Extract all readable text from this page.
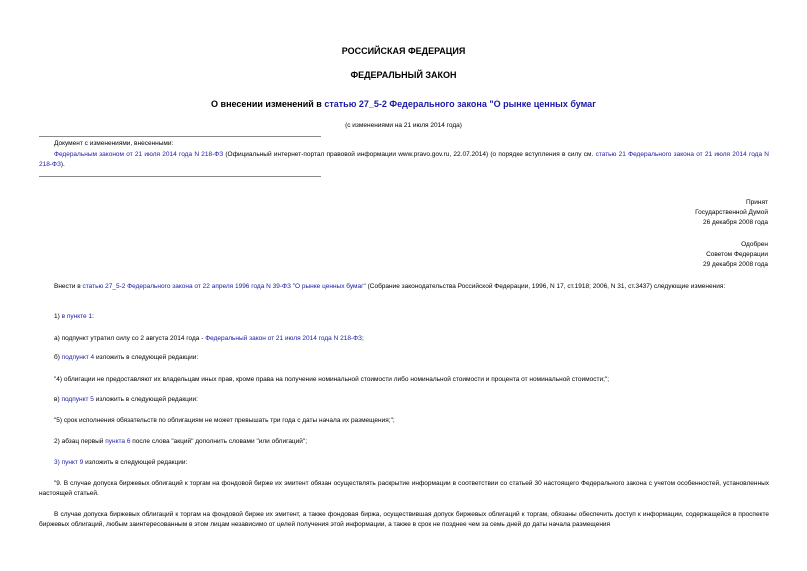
РОССИЙСКАЯ ФЕДЕРАЦИЯ
ФЕДЕРАЛЬНЫЙ ЗАКОН
О внесении изменений в статью 27_5-2 Федерального закона "О рынке ценных бумаг
(с изменениями на 21 июля 2014 года)
Документ с изменениями, внесенными:
Федеральным законом от 21 июля 2014 года N 218-ФЗ (Официальный интернет-портал правовой информации www.pravo.gov.ru, 22.07.2014) (о порядке вступления в силу см. статью 21 Федерального закона от 21 июля 2014 года N 218-ФЗ).
Принят
Государственной Думой
26 декабря 2008 года
Одобрен
Советом Федерации
29 декабря 2008 года
Внести в статью 27_5-2 Федерального закона от 22 апреля 1996 года N 39-ФЗ "О рынке ценных бумаг" (Собрание законодательства Российской Федерации, 1996, N 17, ст.1918; 2006, N 31, ст.3437) следующие изменения:
1) в пункте 1:
а) подпункт утратил силу со 2 августа 2014 года - Федеральный закон от 21 июля 2014 года N 218-ФЗ;
б) подпункт 4 изложить в следующей редакции:
"4) облигации не предоставляют их владельцам иных прав, кроме права на получение номинальной стоимости либо номинальной стоимости и процента от номинальной стоимости;";
в) подпункт 5 изложить в следующей редакции:
"5) срок исполнения обязательств по облигациям не может превышать три года с даты начала их размещения;";
2) абзац первый пункта 6 после слова "акций" дополнить словами "или облигаций";
3) пункт 9 изложить в следующей редакции:
"9. В случае допуска биржевых облигаций к торгам на фондовой бирже их эмитент обязан осуществлять раскрытие информации в соответствии со статьей 30 настоящего Федерального закона с учетом особенностей, установленных настоящей статьей.
В случае допуска биржевых облигаций к торгам на фондовой бирже их эмитент, а также фондовая биржа, осуществившая допуск биржевых облигаций к торгам, обязаны обеспечить доступ к информации, содержащейся в проспекте биржевых облигаций, любым заинтересованным в этом лицам независимо от целей получения этой информации, а также в срок не позднее чем за семь дней до даты начала размещения
